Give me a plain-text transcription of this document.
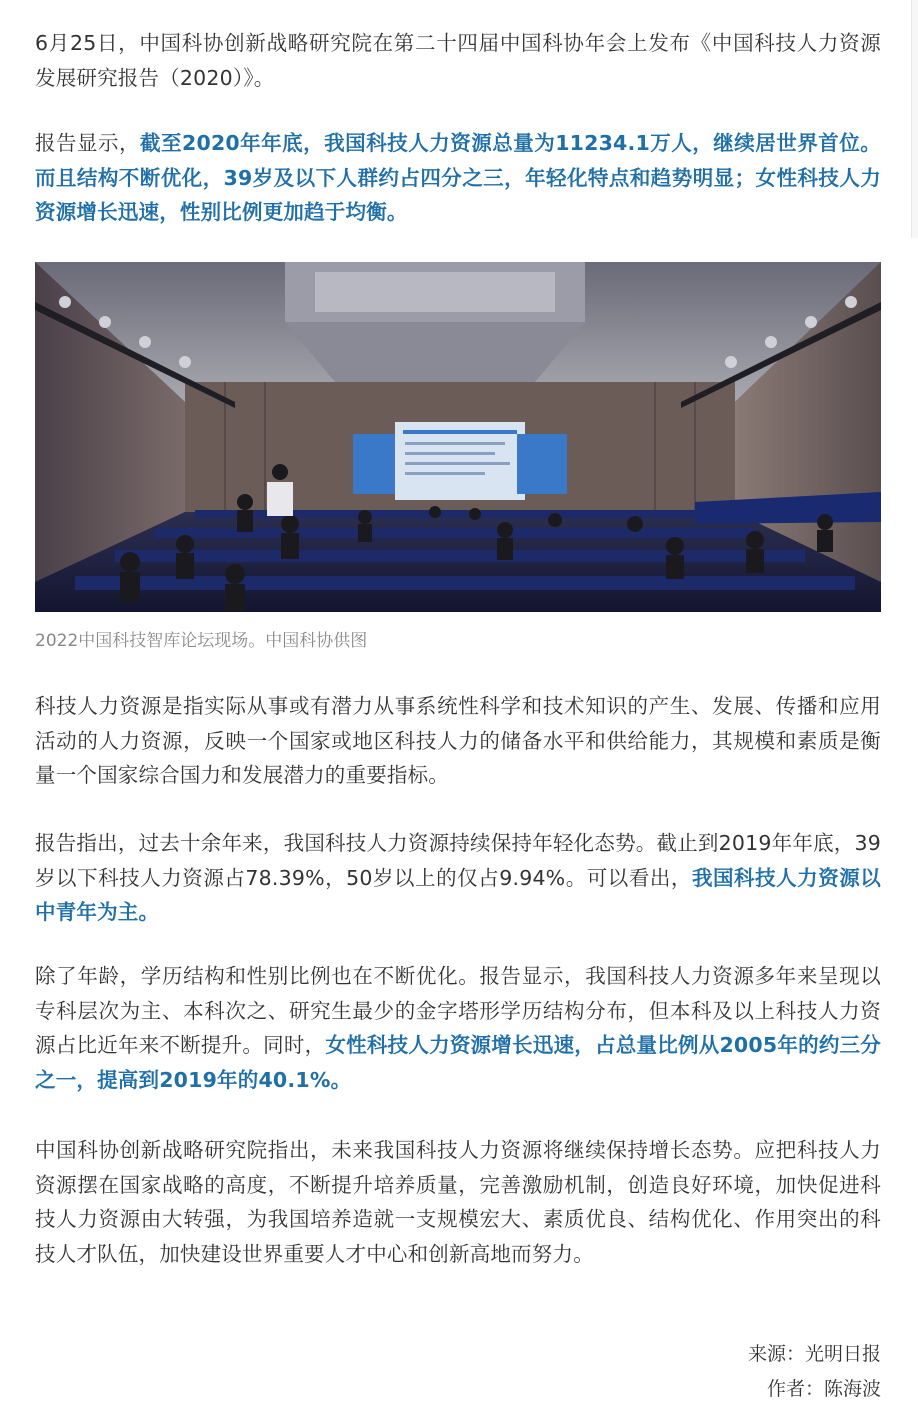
6月25日，中国科协创新战略研究院在第二十四届中国科协年会上发布《中国科技人力资源发展研究报告（2020）》。

报告显示，截至2020年年底，我国科技人力资源总量为11234.1万人，继续居世界首位。而且结构不断优化，39岁及以下人群约占四分之三，年轻化特点和趋势明显；女性科技人力资源增长迅速，性别比例更加趋于均衡。

2022中国科技智库论坛现场。中国科协供图

科技人力资源是指实际从事或有潜力从事系统性科学和技术知识的产生、发展、传播和应用活动的人力资源，反映一个国家或地区科技人力的储备水平和供给能力，其规模和素质是衡量一个国家综合国力和发展潜力的重要指标。

报告指出，过去十余年来，我国科技人力资源持续保持年轻化态势。截止到2019年年底，39岁以下科技人力资源占78.39%，50岁以上的仅占9.94%。可以看出，我国科技人力资源以中青年为主。

除了年龄，学历结构和性别比例也在不断优化。报告显示，我国科技人力资源多年来呈现以专科层次为主、本科次之、研究生最少的金字塔形学历结构分布，但本科及以上科技人力资源占比近年来不断提升。同时，女性科技人力资源增长迅速，占总量比例从2005年的约三分之一，提高到2019年的40.1%。

中国科协创新战略研究院指出，未来我国科技人力资源将继续保持增长态势。应把科技人力资源摆在国家战略的高度，不断提升培养质量，完善激励机制，创造良好环境，加快促进科技人力资源由大转强，为我国培养造就一支规模宏大、素质优良、结构优化、作用突出的科技人才队伍，加快建设世界重要人才中心和创新高地而努力。

来源：光明日报
作者：陈海波
